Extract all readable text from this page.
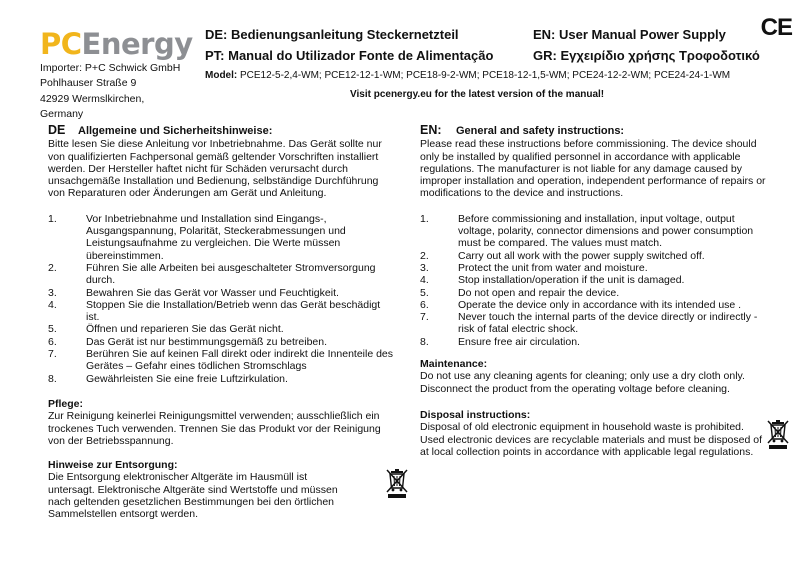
PCEnergy
Importer: P+C Schwick GmbH
Pohlhauser Straße 9
42929 Wermslkirchen,
Germany
DE: Bedienungsanleitung Steckernetzteil
PT: Manual do Utilizador Fonte de Alimentação
EN: User Manual Power Supply
GR: Εγχειρίδιο χρήσης Τροφοδοτικό
CE
Model: PCE12-5-2,4-WM; PCE12-12-1-WM; PCE18-9-2-WM; PCE18-12-1,5-WM; PCE24-12-2-WM; PCE24-24-1-WM
Visit pcenergy.eu for the latest version of the manual!
DE Allgemeine und Sicherheitshinweise:

Bitte lesen Sie diese Anleitung vor Inbetriebnahme. Das Gerät sollte nur von qualifizierten Fachpersonal gemäß geltender Vorschriften installiert werden. Der Hersteller haftet nicht für Schäden verursacht durch unsachgemäße Installation und Bedienung, selbständige Durchführung von Reparaturen oder Änderungen am Gerät und Anleitung.

1.	Vor Inbetriebnahme und Installation sind Eingangs-, Ausgangspannung, Polarität, Steckerabmessungen und Leistungsaufnahme zu vergleichen. Die Werte müssen übereinstimmen.
2.	Führen Sie alle Arbeiten bei ausgeschalteter Stromversorgung durch.
3.	Bewahren Sie das Gerät vor Wasser und Feuchtigkeit.
4.	Stoppen Sie die Installation/Betrieb wenn das Gerät beschädigt ist.
5.	Öffnen und reparieren Sie das Gerät nicht.
6.	Das Gerät ist nur bestimmungsgemäß zu betreiben.
7.	Berühren Sie auf keinen Fall direkt oder indirekt die Innenteile des Gerätes – Gefahr eines tödlichen Stromschlags
8.	Gewährleisten Sie eine freie Luftzirkulation.
Pflege:

Zur Reinigung keinerlei Reinigungsmittel verwenden; ausschließlich ein trockenes Tuch verwenden. Trennen Sie das Produkt vor der Reinigung von der Betriebsspannung.

Hinweise zur Entsorgung:

Die Entsorgung elektronischer Altgeräte im Hausmüll ist untersagt. Elektronische Altgeräte sind Wertstoffe und müssen nach geltenden gesetzlichen Bestimmungen bei den örtlichen Sammelstellen entsorgt werden.

EN: General and safety instructions:

Please read these instructions before commissioning. The device should only be installed by qualified personnel in accordance with applicable regulations. The manufacturer is not liable for any damage caused by improper installation and operation, independent performance of repairs or modifications to the device and instructions.

1.	Before commissioning and installation, input voltage, output voltage, polarity, connector dimensions and power consumption must be compared. The values must match.
2.	Carry out all work with the power supply switched off.
3.	Protect the unit from water and moisture.
4.	Stop installation/operation if the unit is damaged.
5.	Do not open and repair the device.
6.	Operate the device only in accordance with its intended use .
7.	Never touch the internal parts of the device directly or indirectly - risk of fatal electric shock.
8.	Ensure free air circulation.
Maintenance:

Do not use any cleaning agents for cleaning; only use a dry cloth only. Disconnect the product from the operating voltage before cleaning.

Disposal instructions:

Disposal of old electronic equipment in household waste is prohibited. Used electronic devices are recyclable materials and must be disposed of at local collection points in accordance with applicable legal regulations.
